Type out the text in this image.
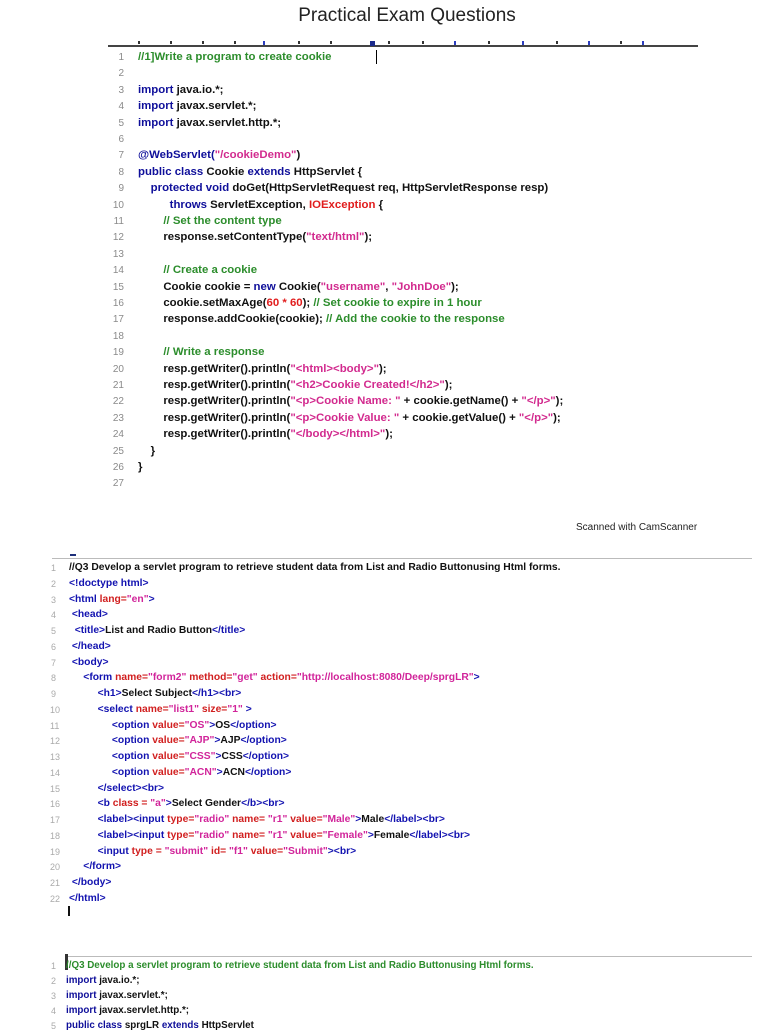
Practical Exam Questions
1 //1]Write a program to create cookie
2
3 import java.io.*;
4 import javax.servlet.*;
5 import javax.servlet.http.*;
6
7 @WebServlet("/cookieDemo")
8 public class Cookie extends HttpServlet {
9	protected void doGet(HttpServletRequest req, HttpServletResponse resp)
10	throws ServletException, IOException {
11	// Set the content type
12 response.setContentType("text/html");
13
14	// Create a cookie
15 Cookie cookie = new Cookie("username", "JohnDoe");
16 cookie.setMaxAge(60 * 60); // Set cookie to expire in 1 hour
17 response.addCookie(cookie); // Add the cookie to the response
18
19	// Write a response
20 resp.getWriter().println("<html><body>");
21 resp.getWriter().println("<h2>Cookie Created!</h2>");
22 resp.getWriter().println("<p>Cookie Name: " + cookie.getName() + "</p>");
23 resp.getWriter().println("<p>Cookie Value: " + cookie.getValue() + "</p>");
24 resp.getWriter().println("</body></html>");
25 }
26 }
27
Scanned with CamScanner
1 //Q3 Develop a servlet program to retrieve student data from List and Radio Buttonusing Html forms.
2 <!doctype html>
3 <html lang="en">
4 <head>
5 <title>List and Radio Button</title>
6 </head>
7 <body>
8 <form name="form2" method="get" action="http://localhost:8080/Deep/sprgLR">
9 <h1>Select Subject</h1><br>
10 <select name="list1" size="1" >
11 <option value="OS">OS</option>
12 <option value="AJP">AJP</option>
13 <option value="CSS">CSS</option>
14 <option value="ACN">ACN</option>
15 </select><br>
16 <b class = "a">Select Gender</b><br>
17 <label><input type="radio" name= "r1" value="Male">Male</label><br>
18 <label><input type="radio" name= "r1" value="Female">Female</label><br>
19 <input type = "submit" id= "f1" value="Submit"><br>
20 </form>
21 </body>
22 </html>
1 //Q3 Develop a servlet program to retrieve student data from List and Radio Buttonusing Html forms.
2 import java.io.*;
3 import javax.servlet.*;
4 import javax.servlet.http.*;
5 public class sprgLR extends HttpServlet
